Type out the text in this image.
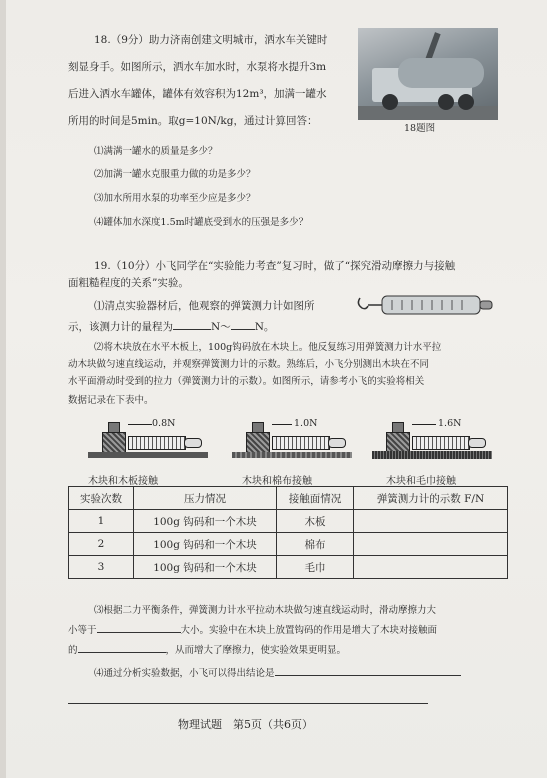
18.（9分）助力济南创建文明城市，洒水车关键时
刻显身手。如图所示，洒水车加水时，水泵将水提升3m
后进入洒水车罐体，罐体有效容积为12m³，加满一罐水
所用的时间是5min。取g=10N/kg，通过计算回答：
18题图
⑴满满一罐水的质量是多少？
⑵加满一罐水克服重力做的功是多少？
⑶加水所用水泵的功率至少应是多少？
⑷罐体加水深度1.5m时罐底受到水的压强是多少？
19.（10分）小飞同学在“实验能力考查”复习时，做了“探究滑动摩擦力与接触
面粗糙程度的关系”实验。
⑴清点实验器材后，他观察的弹簧测力计如图所
示，该测力计的量程为	N～ N。
⑵将木块放在水平木板上，100g钩码放在木块上。他反复练习用弹簧测力计水平拉
动木块做匀速直线运动，并观察弹簧测力计的示数。熟练后，小飞分别测出木块在不同
水平面滑动时受到的拉力（弹簧测力计的示数）。如图所示，请参考小飞的实验将相关
数据记录在下表中。
0.8N	1.0N	1.6N
木块和木板接触	木块和棉布接触	木块和毛巾接触
实验次数	压力情况	接触面情况	弹簧测力计的示数 F/N
1	100g 钩码和一个木块	木板	
2	100g 钩码和一个木块	棉布	
3	100g 钩码和一个木块	毛巾	
⑶根据二力平衡条件，弹簧测力计水平拉动木块做匀速直线运动时，滑动摩擦力大
小等于	大小。实验中在木块上放置钩码的作用是增大了木块对接触面
的	，从而增大了摩擦力，使实验效果更明显。
⑷通过分析实验数据，小飞可以得出结论是
物理试题　第5页（共6页）
